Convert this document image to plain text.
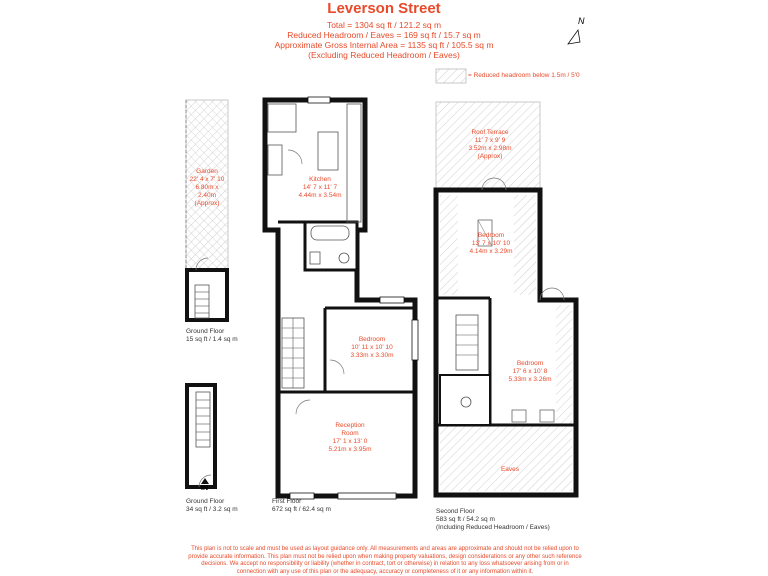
Leverson Street
Total = 1304 sq ft / 121.2 sq m
Reduced Headroom / Eaves = 169 sq ft / 15.7 sq m
Approximate Gross Internal Area = 1135 sq ft / 105.5 sq m
(Excluding Reduced Headroom / Eaves)
= Reduced headroom below 1.5m / 5'0
N
Garden
22' 4 x 7' 10
6.80m x 2.40m
(Approx)
Kitchen
14' 7 x 11' 7
4.44m x 3.54m
Bedroom
10' 11 x 10' 10
3.33m x 3.30m
Reception
Room
17' 1 x 13' 0
5.21m x 3.95m
Roof Terrace
11' 7 x 9' 9
3.52m x 2.98m
(Approx)
Bedroom
13' 7 x 10' 10
4.14m x 3.29m
Bedroom
17' 6 x 10' 8
5.33m x 3.26m
Eaves
Ground Floor
15 sq ft / 1.4 sq m
Ground Floor
34 sq ft / 3.2 sq m
First Floor
672 sq ft / 62.4 sq m	Second Floor
583 sq ft / 54.2 sq m
(Including Reduced Headroom / Eaves)
IN
This plan is not to scale and must be used as layout guidance only. All measurements and areas are approximate and should not be relied upon to
provide accurate information. This plan must not be relied upon when making property valuations, design considerations or any other such reference
decisions. We accept no responsibility or liability (whether in contract, tort or otherwise) in relation to any loss whatsoever arising from or in
connection with any use of this plan or the adequacy, accuracy or completeness of it or any information within it.
